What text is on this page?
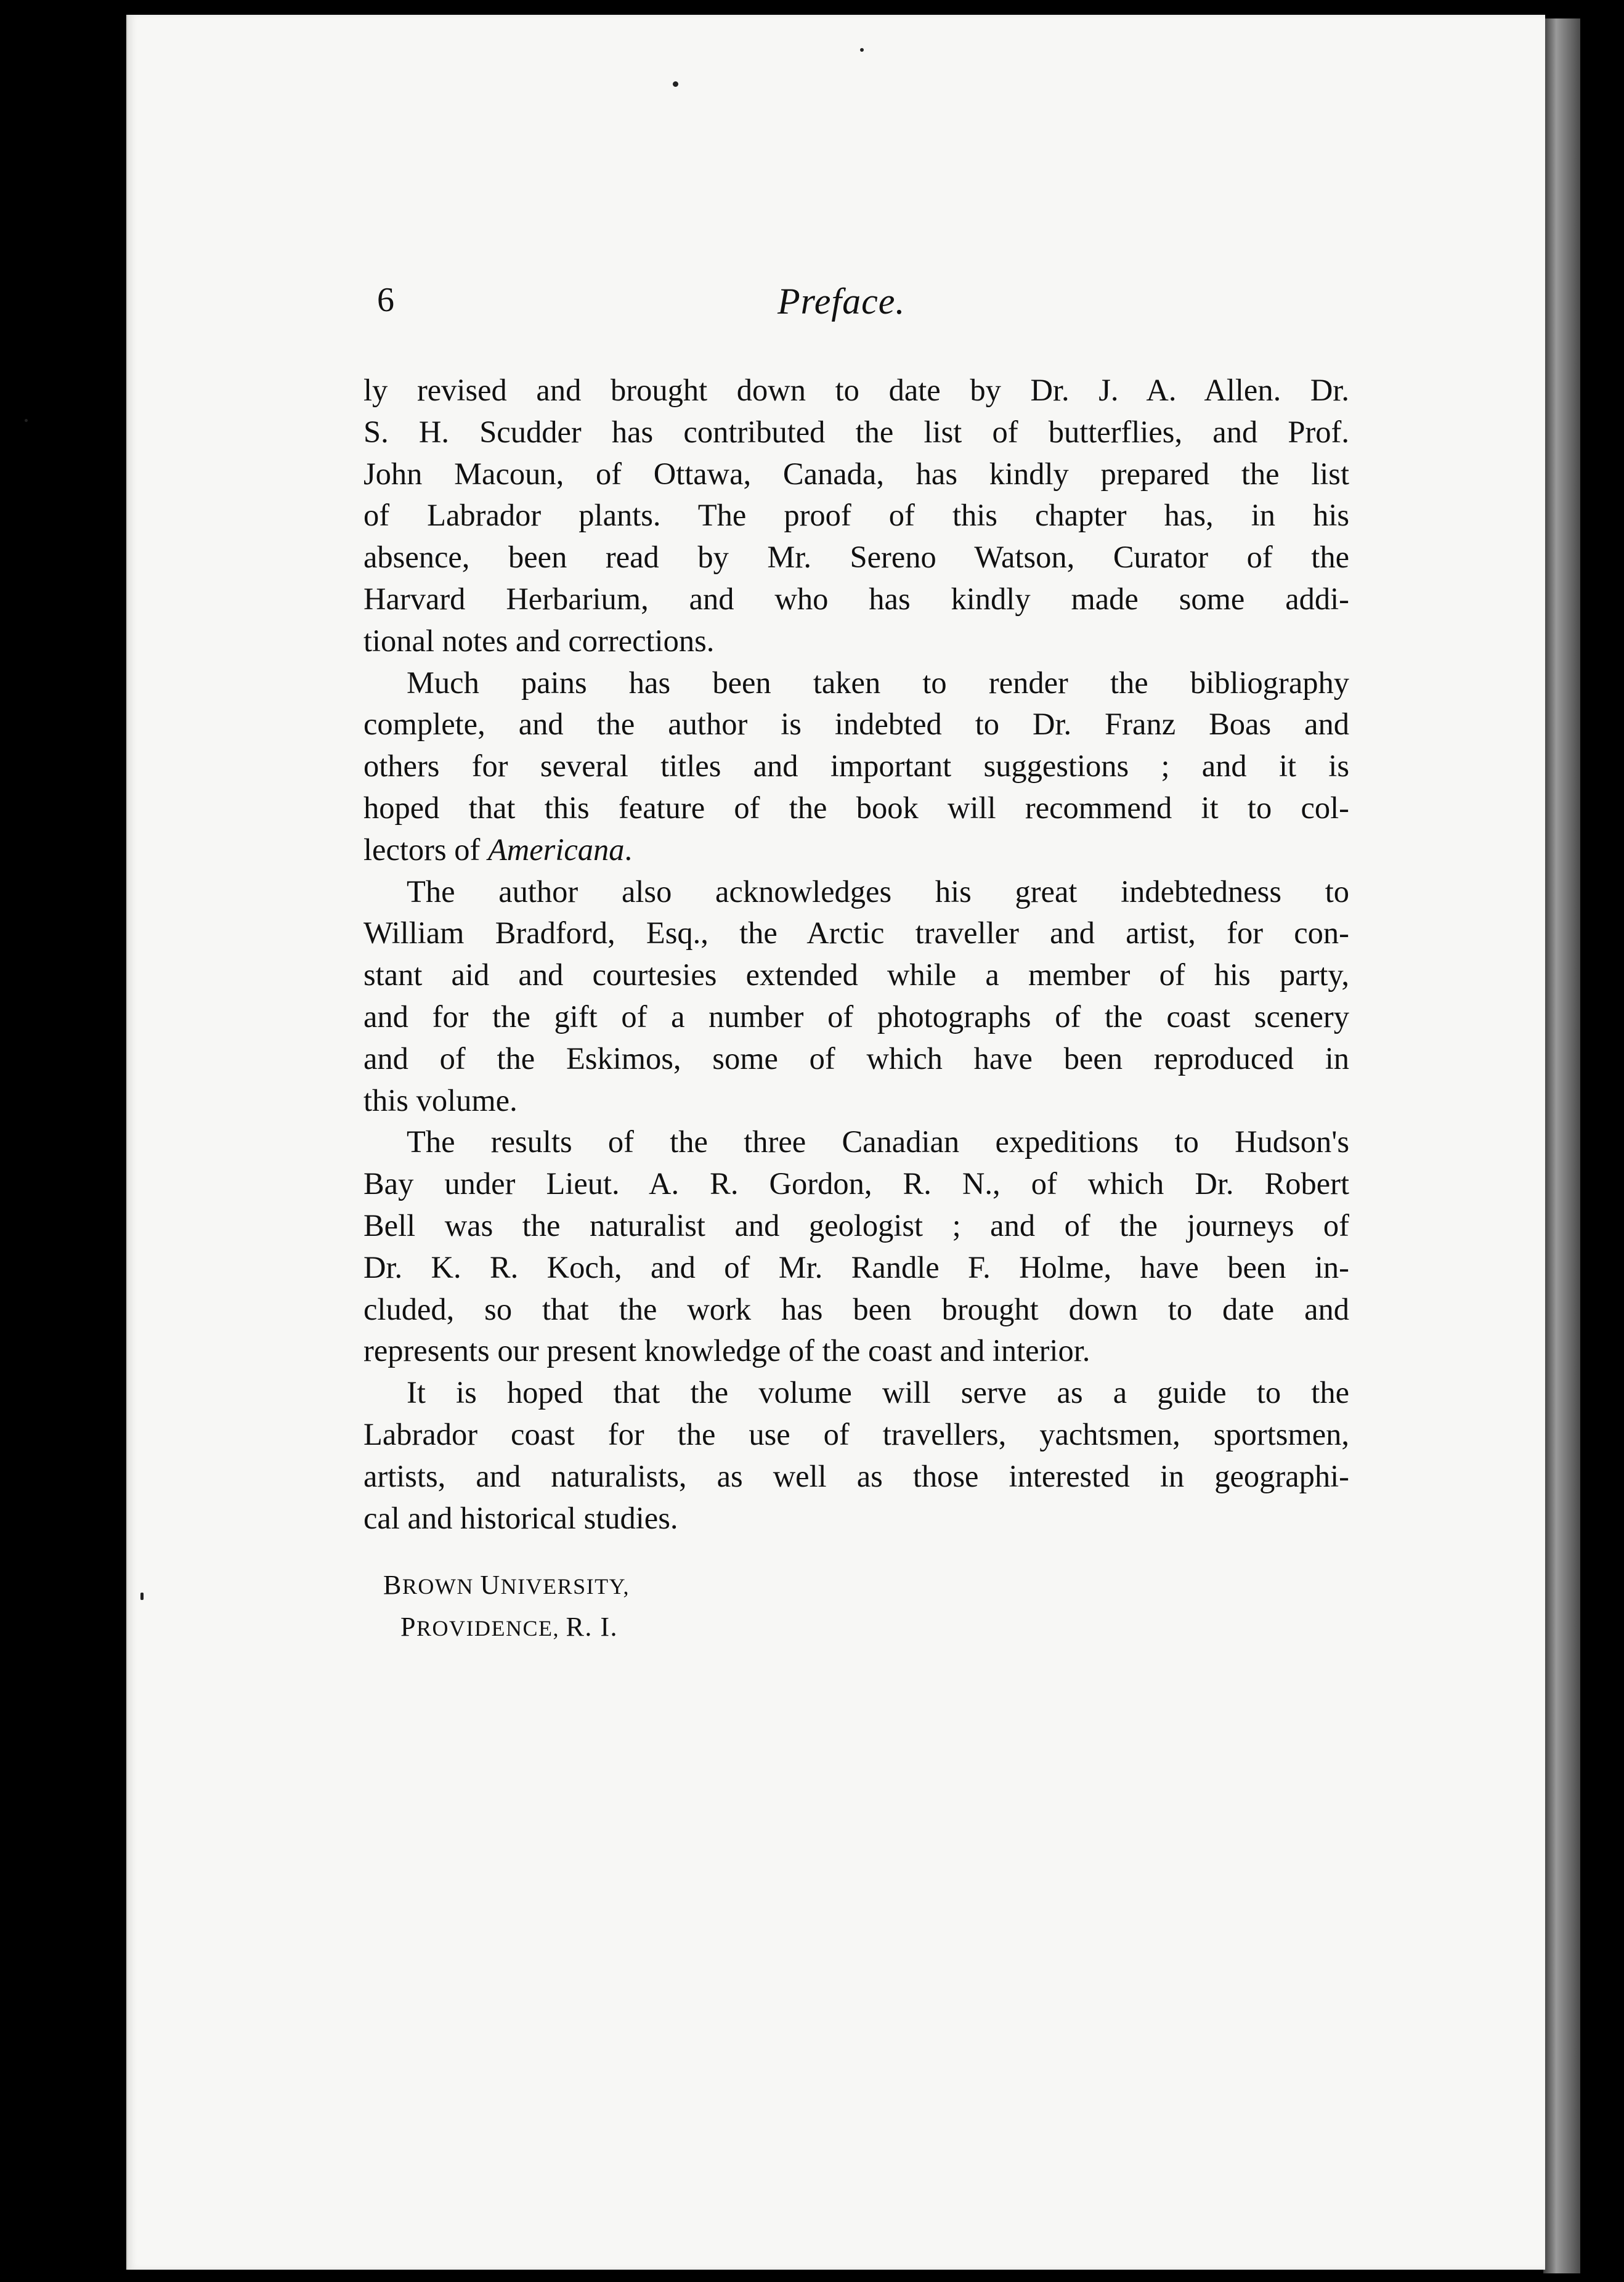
6	Preface.
ly revised and brought down to date by Dr. J. A. Allen. Dr.
S. H. Scudder has contributed the list of butterflies, and Prof.
John Macoun, of Ottawa, Canada, has kindly prepared the list
of Labrador plants. The proof of this chapter has, in his
absence, been read by Mr. Sereno Watson, Curator of the
Harvard Herbarium, and who has kindly made some addi-
tional notes and corrections.
Much pains has been taken to render the bibliography
complete, and the author is indebted to Dr. Franz Boas and
others for several titles and important suggestions ; and it is
hoped that this feature of the book will recommend it to col-
lectors of Americana.
The author also acknowledges his great indebtedness to
William Bradford, Esq., the Arctic traveller and artist, for con-
stant aid and courtesies extended while a member of his party,
and for the gift of a number of photographs of the coast scenery
and of the Eskimos, some of which have been reproduced in
this volume.
The results of the three Canadian expeditions to Hudson's
Bay under Lieut. A. R. Gordon, R. N., of which Dr. Robert
Bell was the naturalist and geologist ; and of the journeys of
Dr. K. R. Koch, and of Mr. Randle F. Holme, have been in-
cluded, so that the work has been brought down to date and
represents our present knowledge of the coast and interior.
It is hoped that the volume will serve as a guide to the
Labrador coast for the use of travellers, yachtsmen, sportsmen,
artists, and naturalists, as well as those interested in geographi-
cal and historical studies.
BROWN UNIVERSITY,
PROVIDENCE, R. I.
